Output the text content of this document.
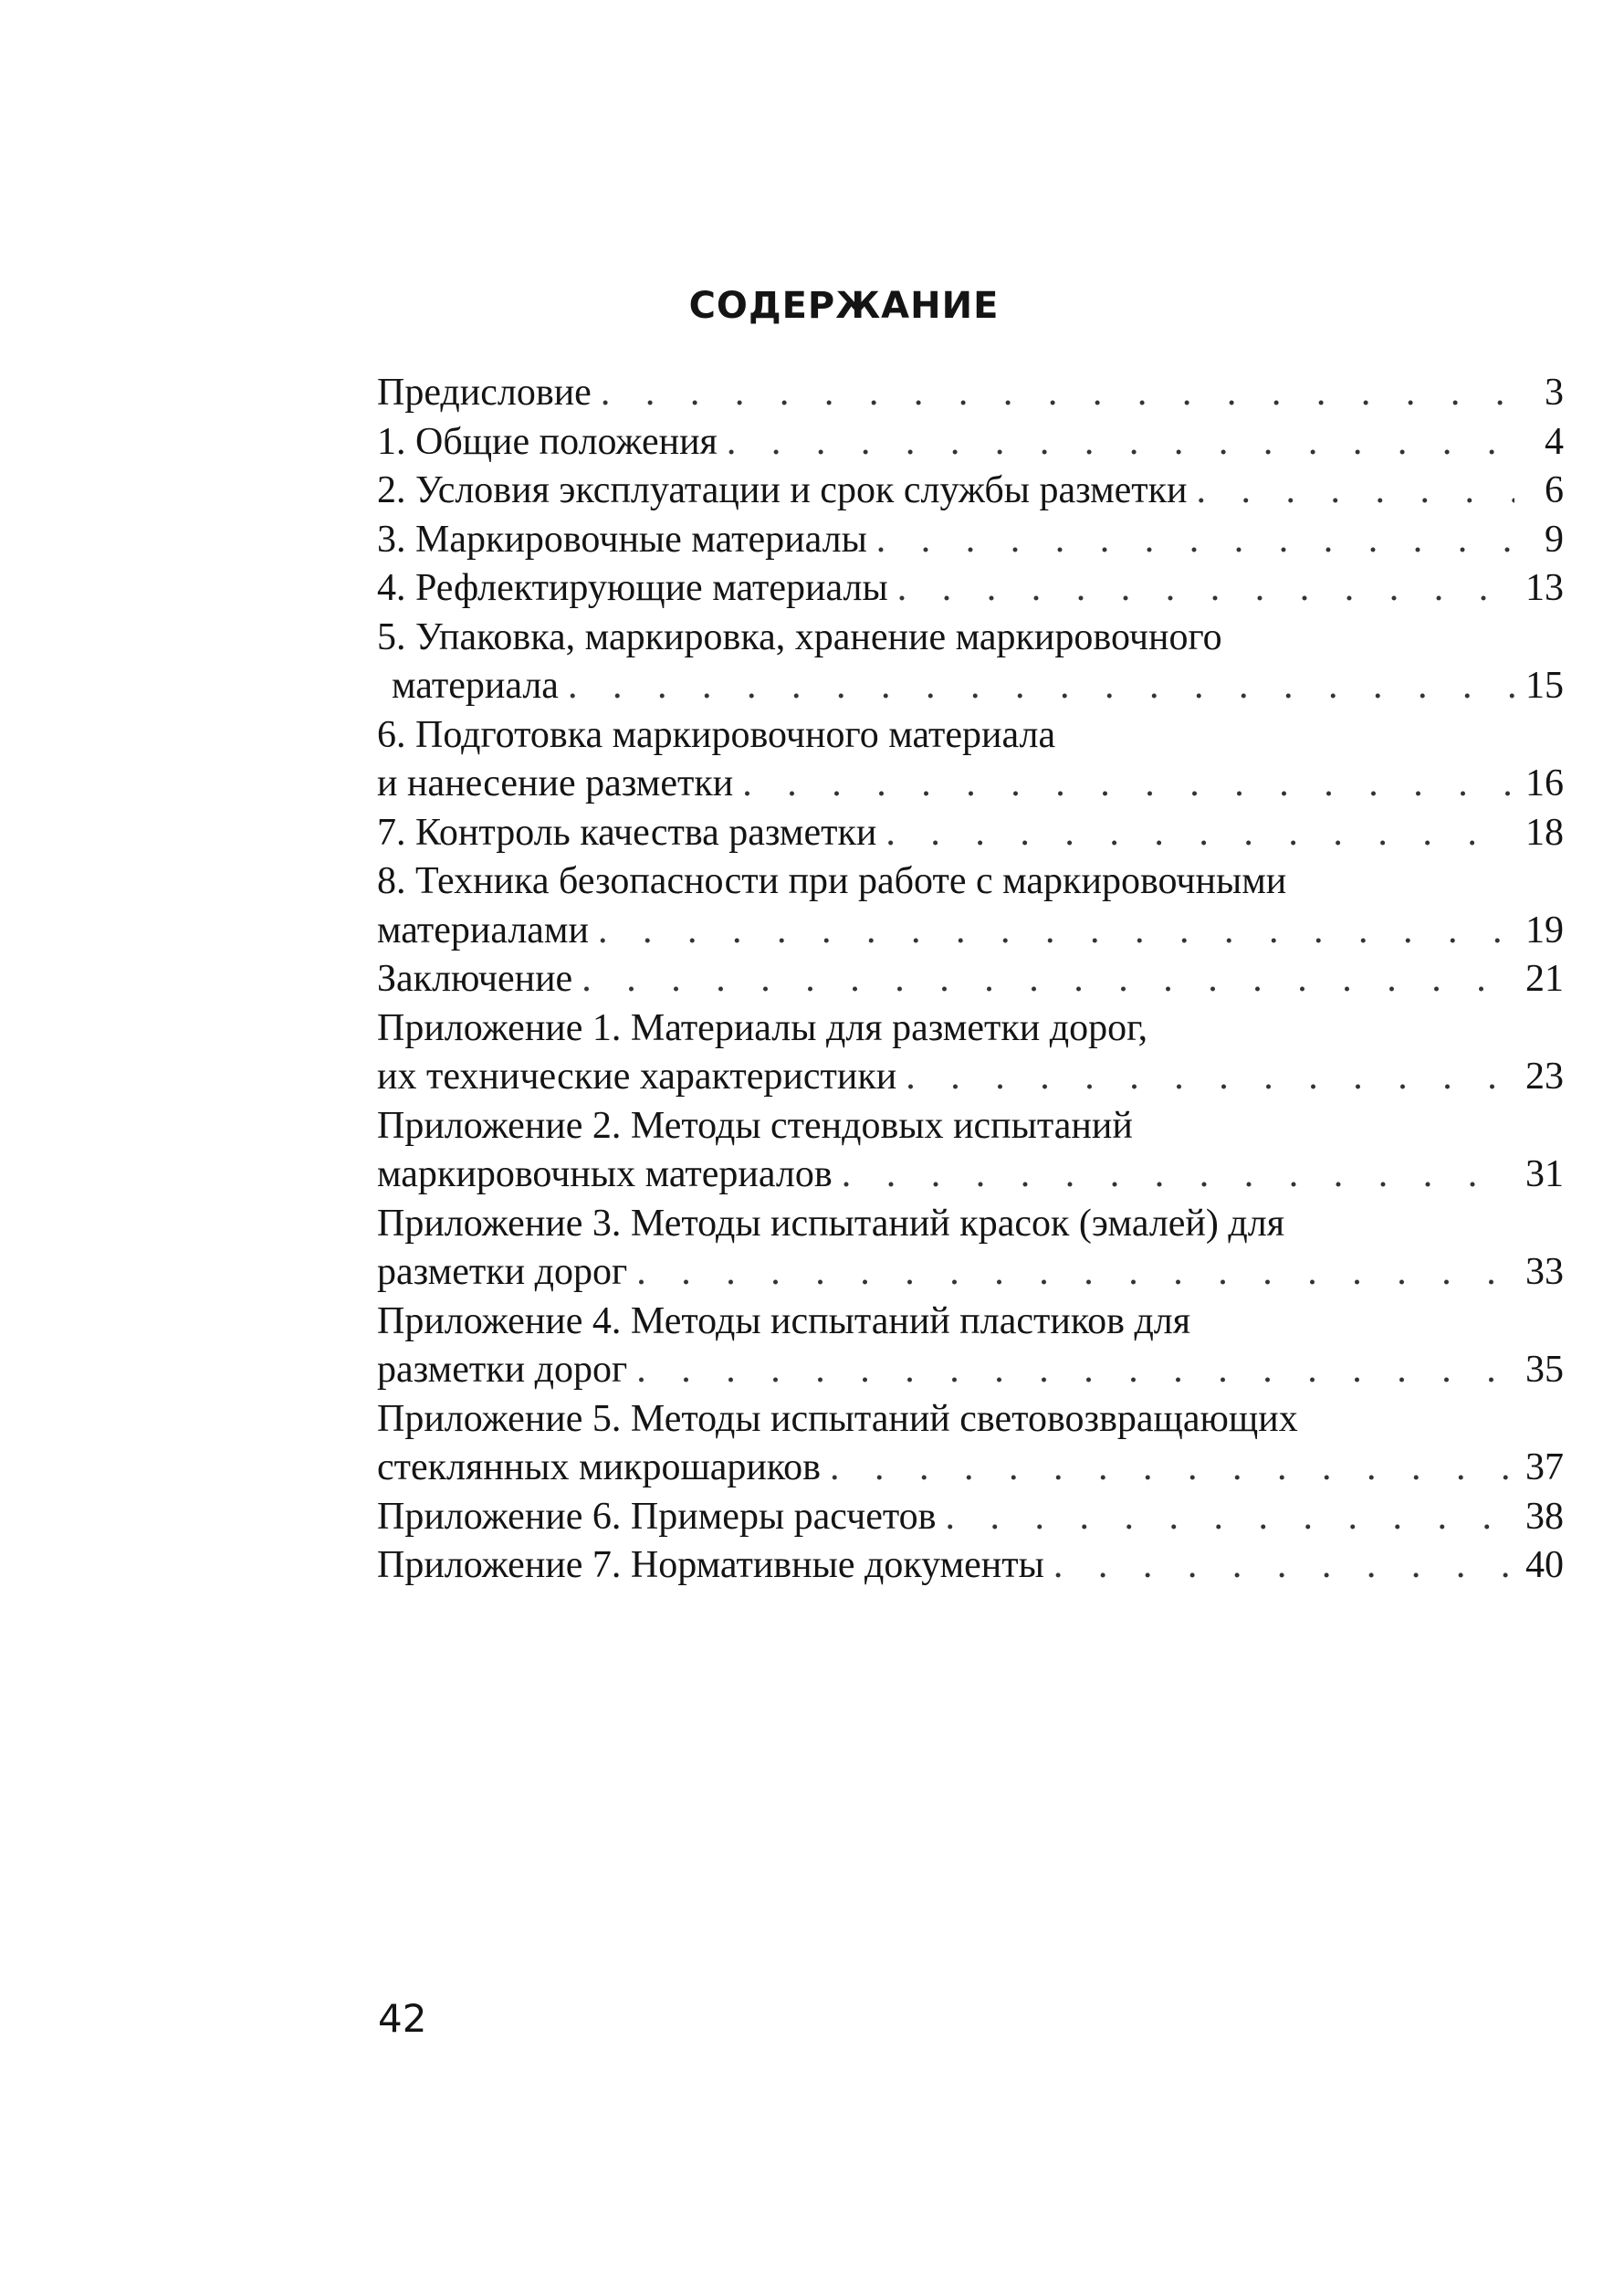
СОДЕРЖАНИЕ
Предисловие . . .	3
1. Общие положения . . .	4
2. Условия эксплуатации и срок службы разметки . . .	6
3. Маркировочные материалы . . .	9
4. Рефлектирующие материалы . . .	13
5. Упаковка, маркировка, хранение маркировочного
материала . . .	15
6. Подготовка маркировочного материала
и нанесение разметки . . .	16
7. Контроль качества разметки . . .	18
8. Техника безопасности при работе с маркировочными
материалами . . .	19
Заключение . . .	21
Приложение 1. Материалы для разметки дорог,
их технические характеристики . . .	23
Приложение 2. Методы стендовых испытаний
маркировочных материалов . . .	31
Приложение 3. Методы испытаний красок (эмалей) для
разметки дорог . . .	33
Приложение 4. Методы испытаний пластиков для
разметки дорог . . .	35
Приложение 5. Методы испытаний световозвращающих
стеклянных микрошариков . . .	37
Приложение 6. Примеры расчетов . . .	38
Приложение 7. Нормативные документы . . .	40
42
